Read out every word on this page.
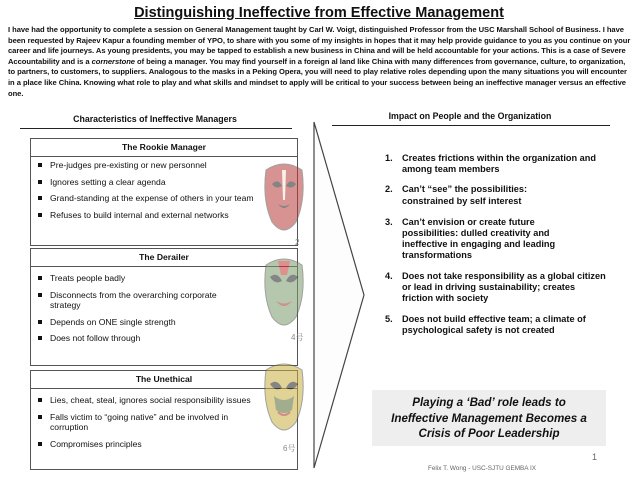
Distinguishing Ineffective from Effective Management
I have had the opportunity to complete a session on General Management taught by Carl W. Voigt, distinguished Professor from the USC Marshall School of Business. I have been requested by Rajeev Kapur a founding member of YPO, to share with you some of my insights in hopes that it may help provide guidance to you as you continue on your career and life journeys. As young presidents, you may be tapped to establish a new business in China and will be held accountable for your actions. This is a case of Severe Accountability and is a cornerstone of being a manager. You may find yourself in a foreign al land like China with many differences from governance, culture, to organization, to partners, to customers, to suppliers. Analogous to the masks in a Peking Opera, you will need to play relative roles depending upon the many situations you will encounter in a place like China. Knowing what role to play and what skills and mindset to apply will be critical to your success between being an ineffective manager versus an effective one.
Characteristics of Ineffective Managers	Impact on People and the Organization
The Rookie Manager
Pre-judges pre-existing or new personnel
Ignores setting a clear agenda
Grand-standing at the expense of others in your team
Refuses to build internal and external networks
The Derailer
Treats people badly
Disconnects from the overarching corporate strategy
Depends on ONE single strength
Does not follow through
The Unethical
Lies, cheat, steal, ignores social responsibility issues
Falls victim to “going native” and be involved in corruption
Compromises principles
2
4号
6号
1. Creates frictions within the organization and among team members
2. Can’t “see” the possibilities: constrained by self interest
3. Can’t envision or create future possibilities: dulled creativity and ineffective in engaging and leading transformations
4. Does not take responsibility as a global citizen or lead in driving sustainability; creates friction with society
5. Does not build effective team; a climate of psychological safety is not created
Playing a ‘Bad’ role leads to
Ineffective Management Becomes a
Crisis of Poor Leadership
1
Felix T. Wong - USC-SJTU GEMBA IX
